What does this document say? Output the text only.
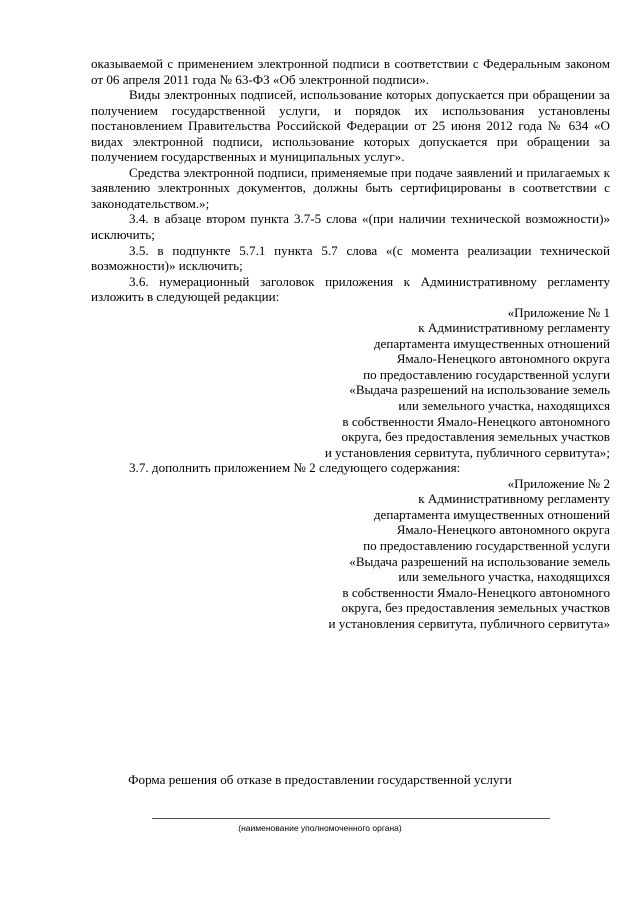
оказываемой с применением электронной подписи в соответствии с Федеральным законом от 06 апреля 2011 года № 63-ФЗ «Об электронной подписи».

Виды электронных подписей, использование которых допускается при обращении за получением государственной услуги, и порядок их использования установлены постановлением Правительства Российской Федерации от 25 июня 2012 года № 634 «О видах электронной подписи, использование которых допускается при обращении за получением государственных и муниципальных услуг».

Средства электронной подписи, применяемые при подаче заявлений и прилагаемых к заявлению электронных документов, должны быть сертифицированы в соответствии с законодательством.»;

3.4. в абзаце втором пункта 3.7-5 слова «(при наличии технической возможности)» исключить;

3.5. в подпункте 5.7.1 пункта 5.7 слова «(с момента реализации технической возможности)» исключить;

3.6. нумерационный заголовок приложения к Административному регламенту изложить в следующей редакции:

«Приложение № 1
к Административному регламенту
департамента имущественных отношений
Ямало-Ненецкого автономного округа
по предоставлению государственной услуги
«Выдача разрешений на использование земель
или земельного участка, находящихся
в собственности Ямало-Ненецкого автономного
округа, без предоставления земельных участков
и установления сервитута, публичного сервитута»;

3.7. дополнить приложением № 2 следующего содержания:

«Приложение № 2
к Административному регламенту
департамента имущественных отношений
Ямало-Ненецкого автономного округа
по предоставлению государственной услуги
«Выдача разрешений на использование земель
или земельного участка, находящихся
в собственности Ямало-Ненецкого автономного
округа, без предоставления земельных участков
и установления сервитута, публичного сервитута»
Форма решения об отказе в предоставлении государственной услуги
(наименование уполномоченного органа)
